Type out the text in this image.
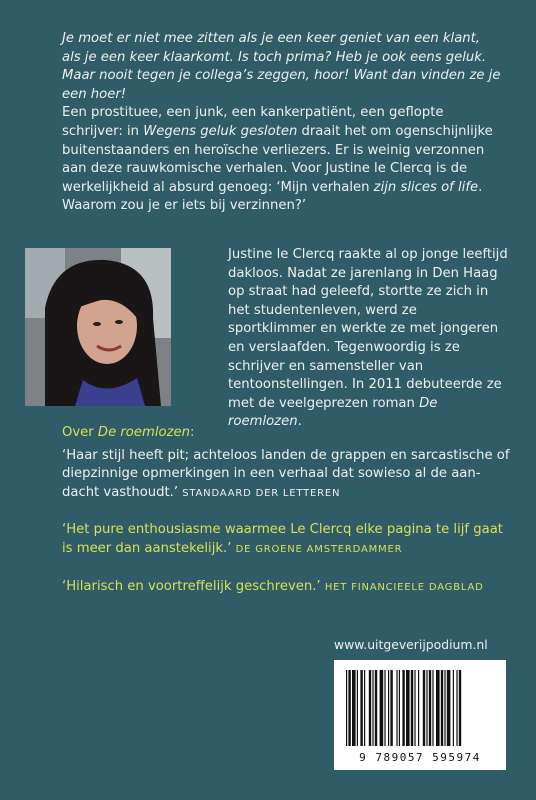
Je moet er niet mee zitten als je een keer geniet van een klant, als je een keer klaarkomt. Is toch prima? Heb je ook eens geluk. Maar nooit tegen je collega’s zeggen, hoor! Want dan vinden ze je een hoer!

Een prostituee, een junk, een kankerpatiënt, een geflopte schrijver: in Wegens geluk gesloten draait het om ogenschijnlijke buitenstaanders en heroïsche verliezers. Er is weinig verzonnen aan deze rauwkomische verhalen. Voor Justine le Clercq is de werkelijkheid al absurd genoeg: ‘Mijn verhalen zijn slices of life. Waarom zou je er iets bij verzinnen?’

Justine le Clercq raakte al op jonge leeftijd dakloos. Nadat ze jarenlang in Den Haag op straat had geleefd, stortte ze zich in het studentenleven, werd ze sportklimmer en werkte ze met jongeren en verslaafden. Tegenwoordig is ze schrijver en samensteller van tentoonstellingen. In 2011 debuteerde ze met de veelgeprezen roman De roemlozen.

Over De roemlozen:

‘Haar stijl heeft pit; achteloos landen de grappen en sarcastische of diepzinnige opmerkingen in een verhaal dat sowieso al de aandacht vasthoudt.’ STANDAARD DER LETTEREN

‘Het pure enthousiasme waarmee Le Clercq elke pagina te lijf gaat is meer dan aanstekelijk.’ DE GROENE AMSTERDAMMER

‘Hilarisch en voortreffelijk geschreven.’ HET FINANCIEELE DAGBLAD

www.uitgeverijpodium.nl
9 789057 595974
